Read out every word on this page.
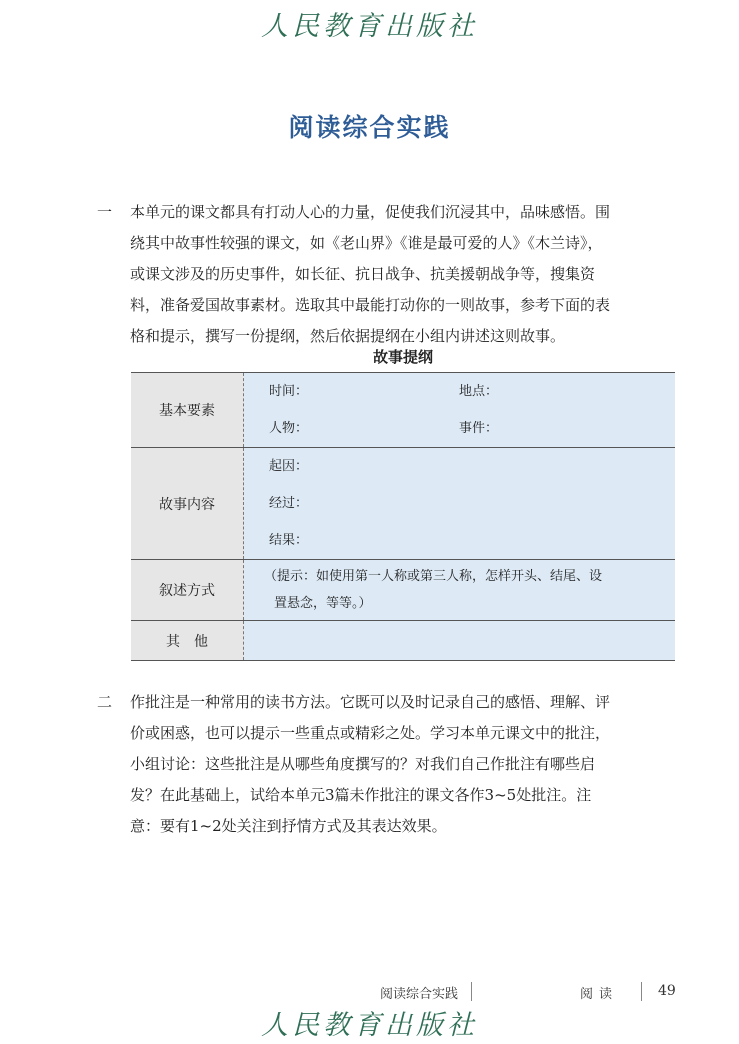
人民教育出版社
阅读综合实践
一 本单元的课文都具有打动人心的力量，促使我们沉浸其中，品味感悟。围
绕其中故事性较强的课文，如《老山界》《谁是最可爱的人》《木兰诗》，
或课文涉及的历史事件，如长征、抗日战争、抗美援朝战争等，搜集资
料，准备爱国故事素材。选取其中最能打动你的一则故事，参考下面的表
格和提示，撰写一份提纲，然后依据提纲在小组内讲述这则故事。
故事提纲
基本要素	时间： 地点：
人物： 事件：

故事内容	起因：
经过：
结果：

叙述方式	（提示：如使用第一人称或第三人称，怎样开头、结尾、设
置悬念，等等。）

其　他	
二 作批注是一种常用的读书方法。它既可以及时记录自己的感悟、理解、评
价或困惑，也可以提示一些重点或精彩之处。学习本单元课文中的批注，
小组讨论：这些批注是从哪些角度撰写的？对我们自己作批注有哪些启
发？在此基础上，试给本单元3篇未作批注的课文各作3~5处批注。注
意：要有1~2处关注到抒情方式及其表达效果。
阅读综合实践	阅读	49
人民教育出版社
